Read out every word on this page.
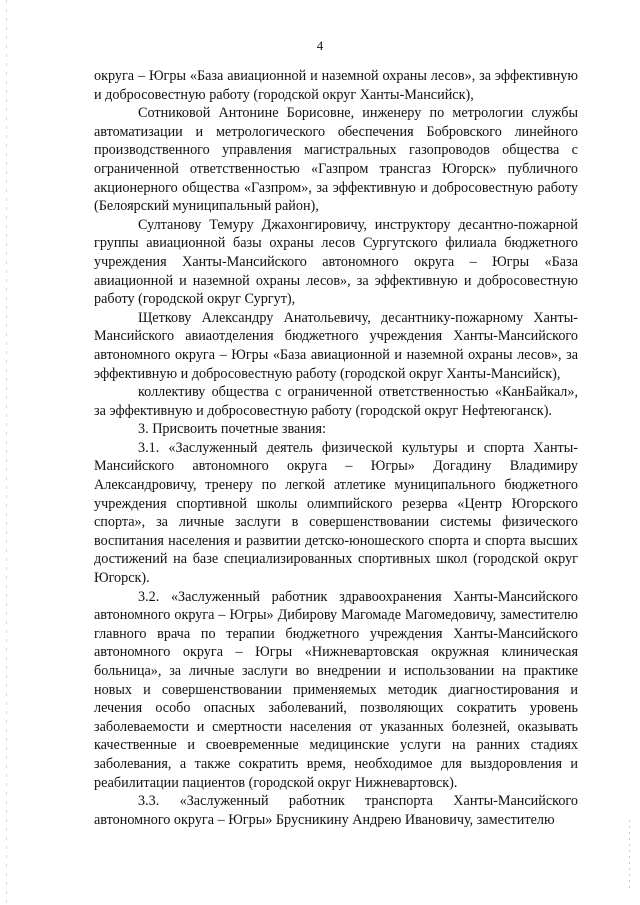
4

округа – Югры «База авиационной и наземной охраны лесов», за эффективную и добросовестную работу (городской округ Ханты-Мансийск),

Сотниковой Антонине Борисовне, инженеру по метрологии службы автоматизации и метрологического обеспечения Бобровского линейного производственного управления магистральных газопроводов общества с ограниченной ответственностью «Газпром трансгаз Югорск» публичного акционерного общества «Газпром», за эффективную и добросовестную работу (Белоярский муниципальный район),

Султанову Темуру Джахонгировичу, инструктору десантно-пожарной группы авиационной базы охраны лесов Сургутского филиала бюджетного учреждения Ханты-Мансийского автономного округа – Югры «База авиационной и наземной охраны лесов», за эффективную и добросовестную работу (городской округ Сургут),

Щеткову Александру Анатольевичу, десантнику-пожарному Ханты-Мансийского авиаотделения бюджетного учреждения Ханты-Мансийского автономного округа – Югры «База авиационной и наземной охраны лесов», за эффективную и добросовестную работу (городской округ Ханты-Мансийск),

коллективу общества с ограниченной ответственностью «КанБайкал», за эффективную и добросовестную работу (городской округ Нефтеюганск).

3. Присвоить почетные звания:

3.1. «Заслуженный деятель физической культуры и спорта Ханты-Мансийского автономного округа – Югры» Догадину Владимиру Александровичу, тренеру по легкой атлетике муниципального бюджетного учреждения спортивной школы олимпийского резерва «Центр Югорского спорта», за личные заслуги в совершенствовании системы физического воспитания населения и развитии детско-юношеского спорта и спорта высших достижений на базе специализированных спортивных школ (городской округ Югорск).

3.2. «Заслуженный работник здравоохранения Ханты-Мансийского автономного округа – Югры» Дибирову Магомаде Магомедовичу, заместителю главного врача по терапии бюджетного учреждения Ханты-Мансийского автономного округа – Югры «Нижневартовская окружная клиническая больница», за личные заслуги во внедрении и использовании на практике новых и совершенствовании применяемых методик диагностирования и лечения особо опасных заболеваний, позволяющих сократить уровень заболеваемости и смертности населения от указанных болезней, оказывать качественные и своевременные медицинские услуги на ранних стадиях заболевания, а также сократить время, необходимое для выздоровления и реабилитации пациентов (городской округ Нижневартовск).

3.3. «Заслуженный работник транспорта Ханты-Мансийского автономного округа – Югры» Брусникину Андрею Ивановичу, заместителю
